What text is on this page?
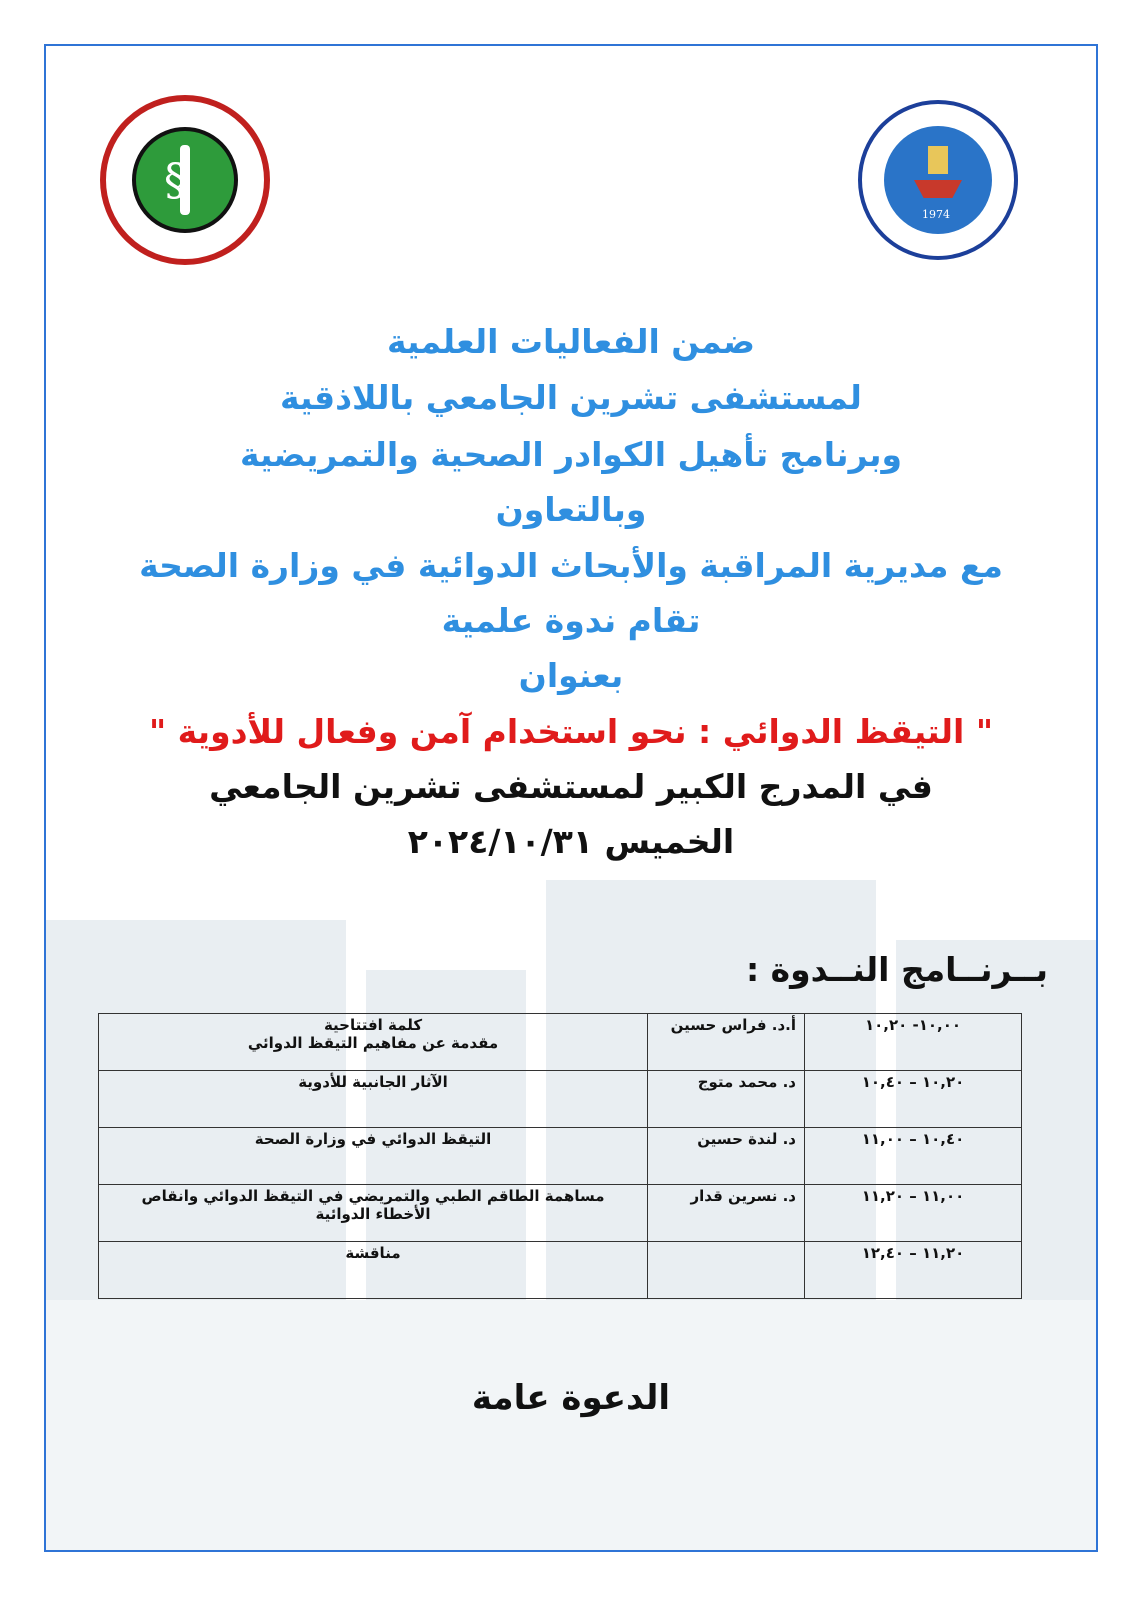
§
1974
ضمن الفعاليات العلمية
لمستشفى تشرين الجامعي باللاذقية
وبرنامج تأهيل الكوادر الصحية والتمريضية
وبالتعاون
مع مديرية المراقبة والأبحاث الدوائية في وزارة الصحة
تقام ندوة علمية
بعنوان
" التيقظ الدوائي : نحو استخدام آمن وفعال للأدوية "
في المدرج الكبير لمستشفى تشرين الجامعي
الخميس ٢٠٢٤/١٠/٣١
بــرنــامج النــدوة :
١٠,٠٠- ١٠,٢٠	أ.د. فراس حسين	كلمة افتتاحية
مقدمة عن مفاهيم التيقظ الدوائي

١٠,٢٠ – ١٠,٤٠	د. محمد متوج	الآثار الجانبية للأدوية

١٠,٤٠ – ١١,٠٠	د. لندة حسين	التيقظ الدوائي في وزارة الصحة

١١,٠٠ – ١١,٢٠	د. نسرين قدار	مساهمة الطاقم الطبي والتمريضي في التيقظ الدوائي وانقاص
الأخطاء الدوائية

١١,٢٠ – ١٢,٤٠		مناقشة
الدعوة عامة
